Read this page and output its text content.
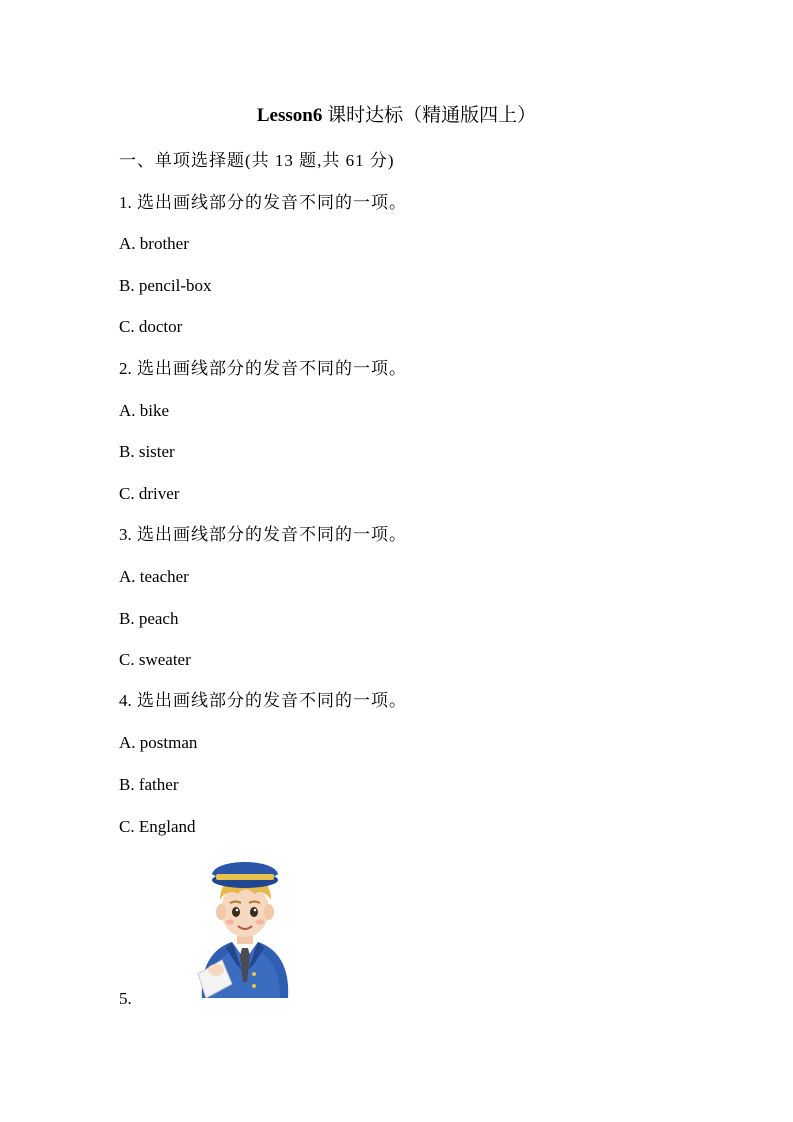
Lesson6 课时达标（精通版四上）
一、单项选择题(共 13 题,共 61 分)
1. 选出画线部分的发音不同的一项。
A. brother
B. pencil-box
C. doctor
2. 选出画线部分的发音不同的一项。
A. bike
B. sister
C. driver
3. 选出画线部分的发音不同的一项。
A. teacher
B. peach
C. sweater
4. 选出画线部分的发音不同的一项。
A. postman
B. father
C. England
5.
